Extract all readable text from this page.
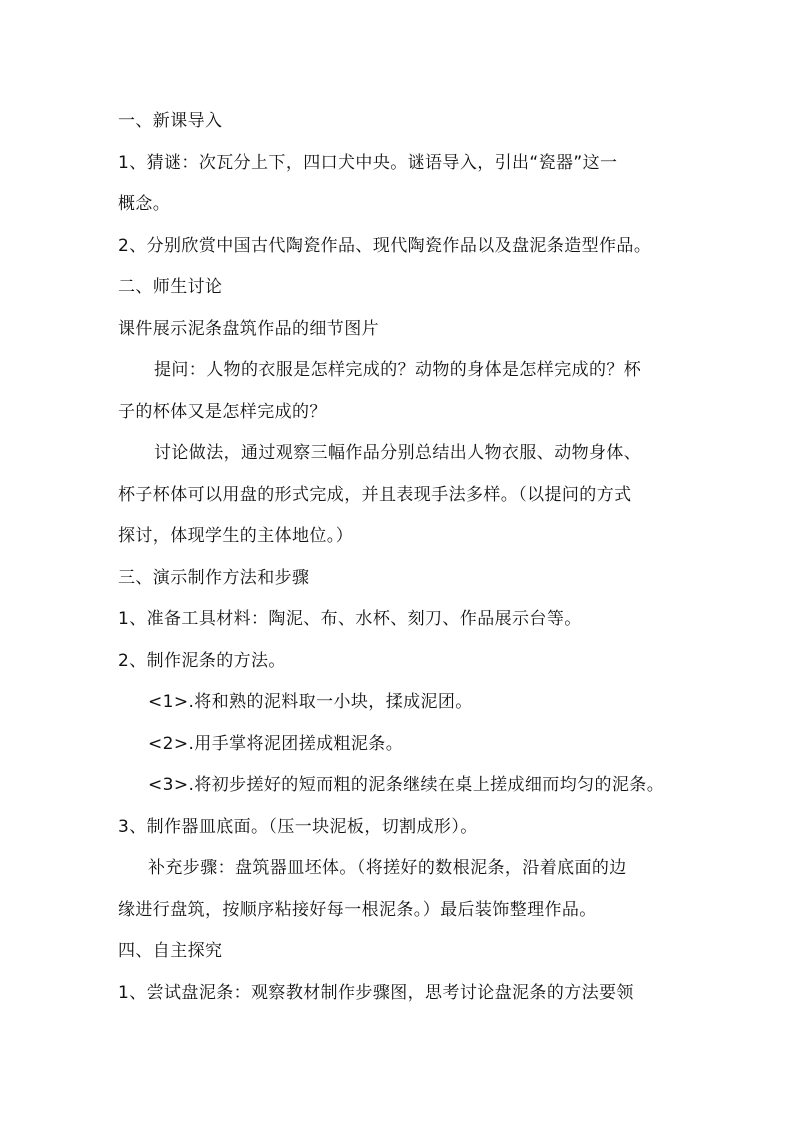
一、新课导入
1、猜谜：次瓦分上下，四口犬中央。谜语导入，引出“瓷器”这一
概念。
2、分别欣赏中国古代陶瓷作品、现代陶瓷作品以及盘泥条造型作品。
二、师生讨论
课件展示泥条盘筑作品的细节图片
提问：人物的衣服是怎样完成的？动物的身体是怎样完成的？杯
子的杯体又是怎样完成的？
讨论做法，通过观察三幅作品分别总结出人物衣服、动物身体、
杯子杯体可以用盘的形式完成，并且表现手法多样。（以提问的方式
探讨，体现学生的主体地位。）
三、演示制作方法和步骤
1、准备工具材料：陶泥、布、水杯、刻刀、作品展示台等。
2、制作泥条的方法。
<1>.将和熟的泥料取一小块，揉成泥团。
<2>.用手掌将泥团搓成粗泥条。
<3>.将初步搓好的短而粗的泥条继续在桌上搓成细而均匀的泥条。
3、制作器皿底面。（压一块泥板，切割成形）。
补充步骤：盘筑器皿坯体。（将搓好的数根泥条，沿着底面的边
缘进行盘筑，按顺序粘接好每一根泥条。）最后装饰整理作品。
四、自主探究
1、尝试盘泥条：观察教材制作步骤图，思考讨论盘泥条的方法要领
